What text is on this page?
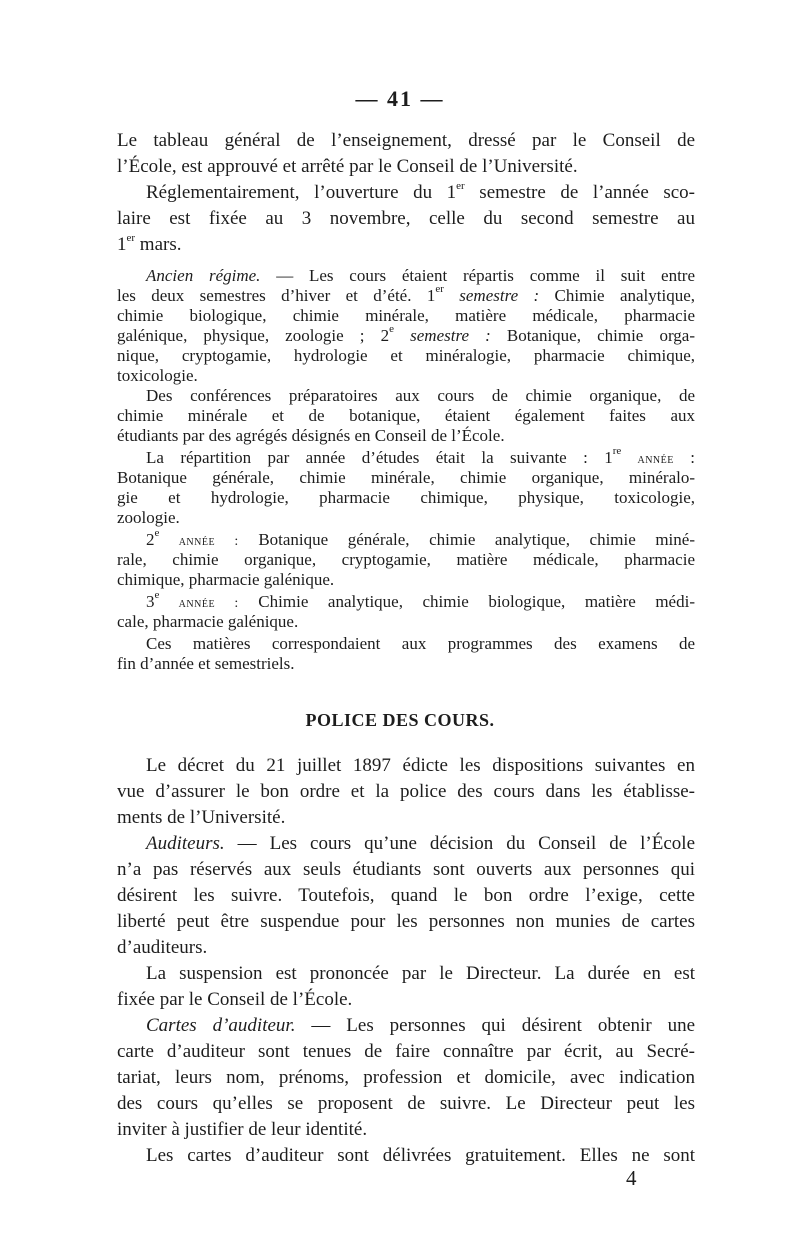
— 41 —
Le tableau général de l’enseignement, dressé par le Conseil de
l’École, est approuvé et arrêté par le Conseil de l’Université.
Réglementairement, l’ouverture du 1er semestre de l’année sco-
laire est fixée au 3 novembre, celle du second semestre au
1er mars.
Ancien régime. — Les cours étaient répartis comme il suit entre
les deux semestres d’hiver et d’été. 1er semestre : Chimie analytique,
chimie biologique, chimie minérale, matière médicale, pharmacie
galénique, physique, zoologie ; 2e semestre : Botanique, chimie orga-
nique, cryptogamie, hydrologie et minéralogie, pharmacie chimique,
toxicologie.
Des conférences préparatoires aux cours de chimie organique, de
chimie minérale et de botanique, étaient également faites aux
étudiants par des agrégés désignés en Conseil de l’École.
La répartition par année d’études était la suivante : 1re année :
Botanique générale, chimie minérale, chimie organique, minéralo-
gie et hydrologie, pharmacie chimique, physique, toxicologie,
zoologie.
2e année : Botanique générale, chimie analytique, chimie miné-
rale, chimie organique, cryptogamie, matière médicale, pharmacie
chimique, pharmacie galénique.
3e année : Chimie analytique, chimie biologique, matière médi-
cale, pharmacie galénique.
Ces matières correspondaient aux programmes des examens de
fin d’année et semestriels.
POLICE DES COURS.
Le décret du 21 juillet 1897 édicte les dispositions suivantes en
vue d’assurer le bon ordre et la police des cours dans les établisse-
ments de l’Université.
Auditeurs. — Les cours qu’une décision du Conseil de l’École
n’a pas réservés aux seuls étudiants sont ouverts aux personnes qui
désirent les suivre. Toutefois, quand le bon ordre l’exige, cette
liberté peut être suspendue pour les personnes non munies de cartes
d’auditeurs.
La suspension est prononcée par le Directeur. La durée en est
fixée par le Conseil de l’École.
Cartes d’auditeur. — Les personnes qui désirent obtenir une
carte d’auditeur sont tenues de faire connaître par écrit, au Secré-
tariat, leurs nom, prénoms, profession et domicile, avec indication
des cours qu’elles se proposent de suivre. Le Directeur peut les
inviter à justifier de leur identité.
Les cartes d’auditeur sont délivrées gratuitement. Elles ne sont
4
